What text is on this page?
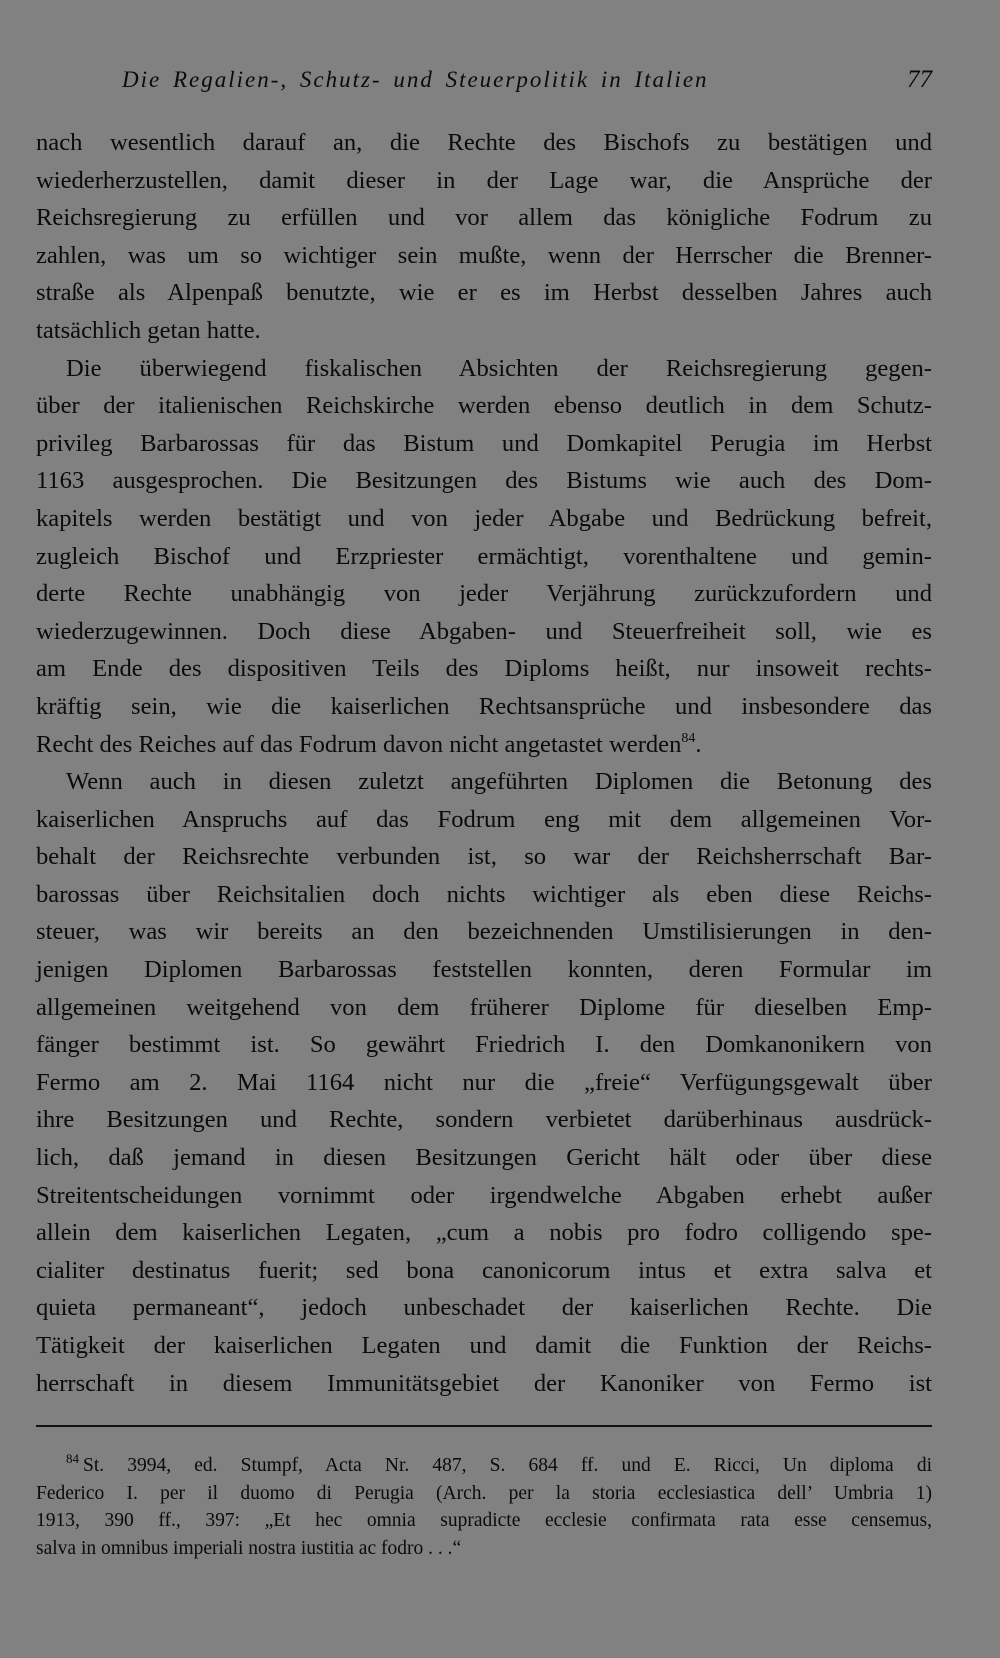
Die Regalien-, Schutz- und Steuerpolitik in Italien	77
nach wesentlich darauf an, die Rechte des Bischofs zu bestätigen und
wiederherzustellen, damit dieser in der Lage war, die Ansprüche der
Reichsregierung zu erfüllen und vor allem das königliche Fodrum zu
zahlen, was um so wichtiger sein mußte, wenn der Herrscher die Brenner-
straße als Alpenpaß benutzte, wie er es im Herbst desselben Jahres auch
tatsächlich getan hatte.
Die überwiegend fiskalischen Absichten der Reichsregierung gegen-
über der italienischen Reichskirche werden ebenso deutlich in dem Schutz-
privileg Barbarossas für das Bistum und Domkapitel Perugia im Herbst
1163 ausgesprochen. Die Besitzungen des Bistums wie auch des Dom-
kapitels werden bestätigt und von jeder Abgabe und Bedrückung befreit,
zugleich Bischof und Erzpriester ermächtigt, vorenthaltene und gemin-
derte Rechte unabhängig von jeder Verjährung zurückzufordern und
wiederzugewinnen. Doch diese Abgaben- und Steuerfreiheit soll, wie es
am Ende des dispositiven Teils des Diploms heißt, nur insoweit rechts-
kräftig sein, wie die kaiserlichen Rechtsansprüche und insbesondere das
Recht des Reiches auf das Fodrum davon nicht angetastet werden$^{84}$.
Wenn auch in diesen zuletzt angeführten Diplomen die Betonung des
kaiserlichen Anspruchs auf das Fodrum eng mit dem allgemeinen Vor-
behalt der Reichsrechte verbunden ist, so war der Reichsherrschaft Bar-
barossas über Reichsitalien doch nichts wichtiger als eben diese Reichs-
steuer, was wir bereits an den bezeichnenden Umstilisierungen in den-
jenigen Diplomen Barbarossas feststellen konnten, deren Formular im
allgemeinen weitgehend von dem früherer Diplome für dieselben Emp-
fänger bestimmt ist. So gewährt Friedrich I. den Domkanonikern von
Fermo am 2. Mai 1164 nicht nur die „freie“ Verfügungsgewalt über
ihre Besitzungen und Rechte, sondern verbietet darüberhinaus ausdrück-
lich, daß jemand in diesen Besitzungen Gericht hält oder über diese
Streitentscheidungen vornimmt oder irgendwelche Abgaben erhebt außer
allein dem kaiserlichen Legaten, „cum a nobis pro fodro colligendo spe-
cialiter destinatus fuerit; sed bona canonicorum intus et extra salva et
quieta permaneant“, jedoch unbeschadet der kaiserlichen Rechte. Die
Tätigkeit der kaiserlichen Legaten und damit die Funktion der Reichs-
herrschaft in diesem Immunitätsgebiet der Kanoniker von Fermo ist
$^{84}$ St. 3994, ed. Stumpf, Acta Nr. 487, S. 684 ff. und E. Ricci, Un diploma di
Federico I. per il duomo di Perugia (Arch. per la storia ecclesiastica dell’ Umbria 1)
1913, 390 ff., 397: „Et hec omnia supradicte ecclesie confirmata rata esse censemus,
salva in omnibus imperiali nostra iustitia ac fodro . . .“
